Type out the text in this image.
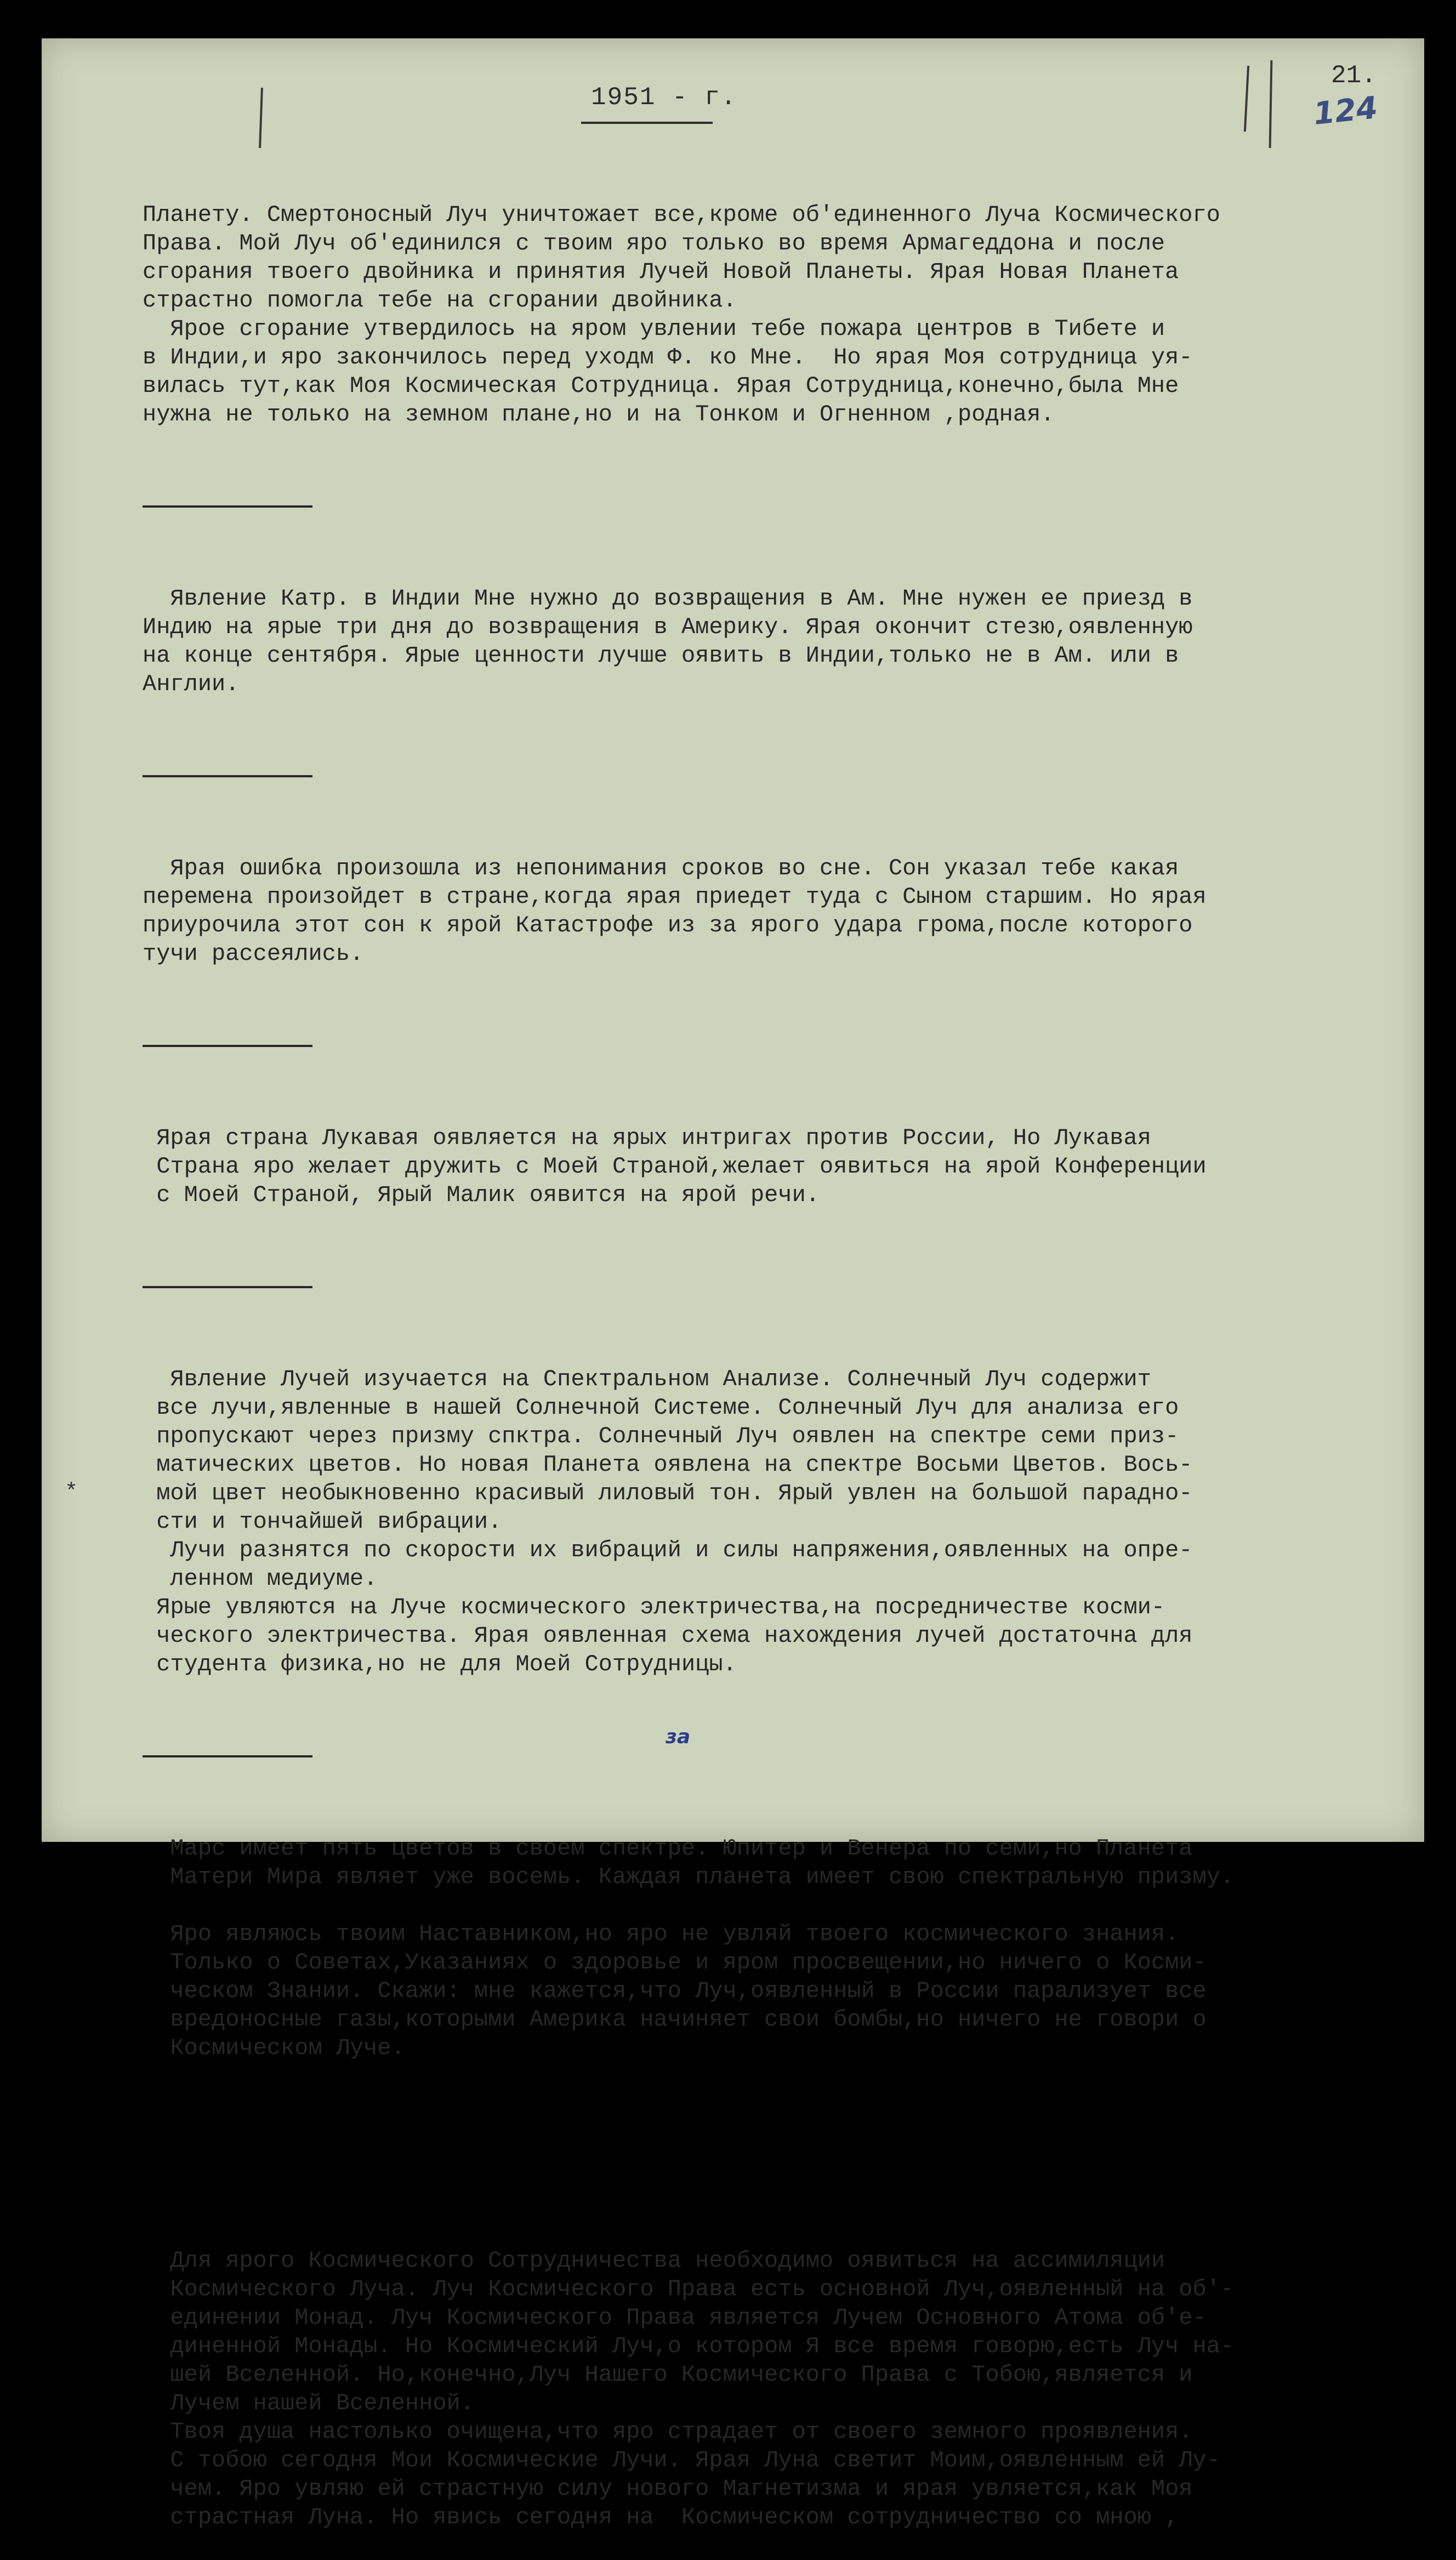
1951 - г.
21.
124
*
за

Планету. Смертоносный Луч уничтожает все,кроме об'единенного Луча Космического
Права. Мой Луч об'единился с твоим яро только во время Армагеддона и после
сгорания твоего двойника и принятия Лучей Новой Планеты. Ярая Новая Планета
страстно помогла тебе на сгорании двойника.
Ярое сгорание утвердилось на яром увлении тебе пожара центров в Тибете и
в Индии,и яро закончилось перед уходм Ф. ко Мне.  Но ярая Моя сотрудница уя-
вилась тут,как Моя Космическая Сотрудница. Ярая Сотрудница,конечно,была Мне
нужна не только на земном плане,но и на Тонком и Огненном ,родная.

Явление Катр. в Индии Мне нужно до возвращения в Ам. Мне нужен ее приезд в
Индию на ярые три дня до возвращения в Америку. Ярая окончит стезю,оявленную
на конце сентября. Ярые ценности лучше оявить в Индии,только не в Ам. или в
Англии.

Ярая ошибка произошла из непонимания сроков во сне. Сон указал тебе какая
перемена произойдет в стране,когда ярая приедет туда с Сыном старшим. Но ярая
приурочила этот сон к ярой Катастрофе из за ярого удара грома,после которого
тучи рассеялись.

Ярая страна Лукавая оявляется на ярых интригах против России, Но Лукавая
Страна яро желает дружить с Моей Страной,желает оявиться на ярой Конференции
с Моей Страной, Ярый Малик оявится на ярой речи.

Явление Лучей изучается на Спектральном Анализе. Солнечный Луч содержит
все лучи,явленные в нашей Солнечной Системе. Солнечный Луч для анализа его
пропускают через призму спктра. Солнечный Луч оявлен на спектре семи приз-
матических цветов. Но новая Планета оявлена на спектре Восьми Цветов. Вось-
мой цвет необыкновенно красивый лиловый тон. Ярый увлен на большой парадно-
сти и тончайшей вибрации.
Лучи разнятся по скорости их вибраций и силы напряжения,оявленных на опре-
ленном медиуме.
Ярые увляются на Луче космического электричества,на посредничестве косми-
ческого электричества. Ярая оявленная схема нахождения лучей достаточна для
студента физика,но не для Моей Сотрудницы.

Марс имеет пять цветов в своем спектре. Юпитер и Венера по семи,но Планета
Матери Мира являет уже восемь. Каждая планета имеет свою спектральную призму.

Яро являюсь твоим Наставником,но яро не увляй твоего космического знания.
Только о Советах,Указаниях о здоровье и яром просвещении,но ничего о Косми-
ческом Знании. Скажи: мне кажется,что Луч,оявленный в России парализует все
вредоносные газы,которыми Америка начиняет свои бомбы,но ничего не говори о
Космическом Луче.

Для ярого Космического Сотрудничества необходимо оявиться на ассимиляции
Космического Луча. Луч Космического Права есть основной Луч,оявленный на об'-
единении Монад. Луч Космического Права является Лучем Основного Атома об'е-
диненной Монады. Но Космический Луч,о котором Я все время говорю,есть Луч на-
шей Вселенной. Но,конечно,Луч Нашего Космического Права с Тобою,является и
Лучем нашей Вселенной.
Твоя душа настолько очищена,что яро страдает от своего земного проявления.
С тобою сегодня Мои Космические Лучи. Ярая Луна светит Моим,оявленным ей Лу-
чем. Яро увляю ей страстную силу нового Магнетизма и ярая увляется,как Моя
страстная Луна. Но явись сегодня на  Космическом сотрудничество со мною ,
